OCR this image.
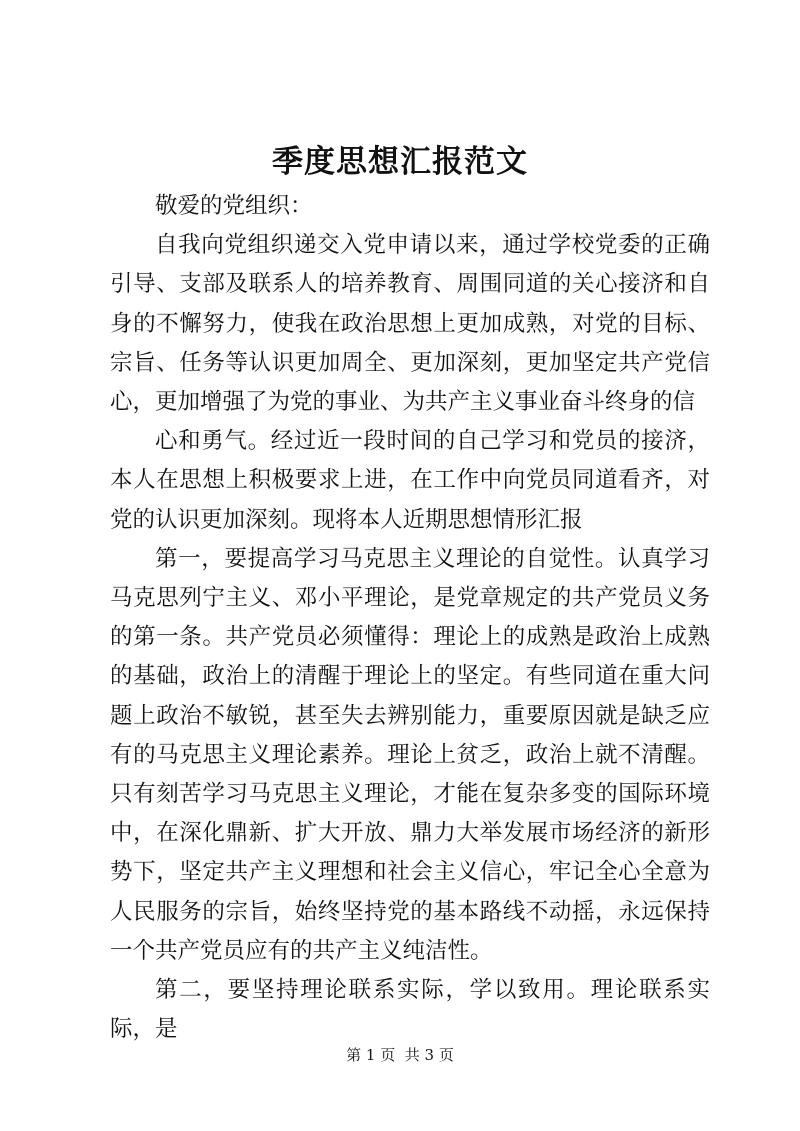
季度思想汇报范文

敬爱的党组织：

自我向党组织递交入党申请以来，通过学校党委的正确引导、支部及联系人的培养教育、周围同道的关心接济和自身的不懈努力，使我在政治思想上更加成熟，对党的目标、宗旨、任务等认识更加周全、更加深刻，更加坚定共产党信心，更加增强了为党的事业、为共产主义事业奋斗终身的信

心和勇气。经过近一段时间的自己学习和党员的接济，本人在思想上积极要求上进，在工作中向党员同道看齐，对党的认识更加深刻。现将本人近期思想情形汇报

第一，要提高学习马克思主义理论的自觉性。认真学习马克思列宁主义、邓小平理论，是党章规定的共产党员义务的第一条。共产党员必须懂得：理论上的成熟是政治上成熟的基础，政治上的清醒于理论上的坚定。有些同道在重大问题上政治不敏锐，甚至失去辨别能力，重要原因就是缺乏应有的马克思主义理论素养。理论上贫乏，政治上就不清醒。只有刻苦学习马克思主义理论，才能在复杂多变的国际环境中，在深化鼎新、扩大开放、鼎力大举发展市场经济的新形势下，坚定共产主义理想和社会主义信心，牢记全心全意为人民服务的宗旨，始终坚持党的基本路线不动摇，永远保持一个共产党员应有的共产主义纯洁性。

第二，要坚持理论联系实际，学以致用。理论联系实际，是

第 1 页  共 3 页
